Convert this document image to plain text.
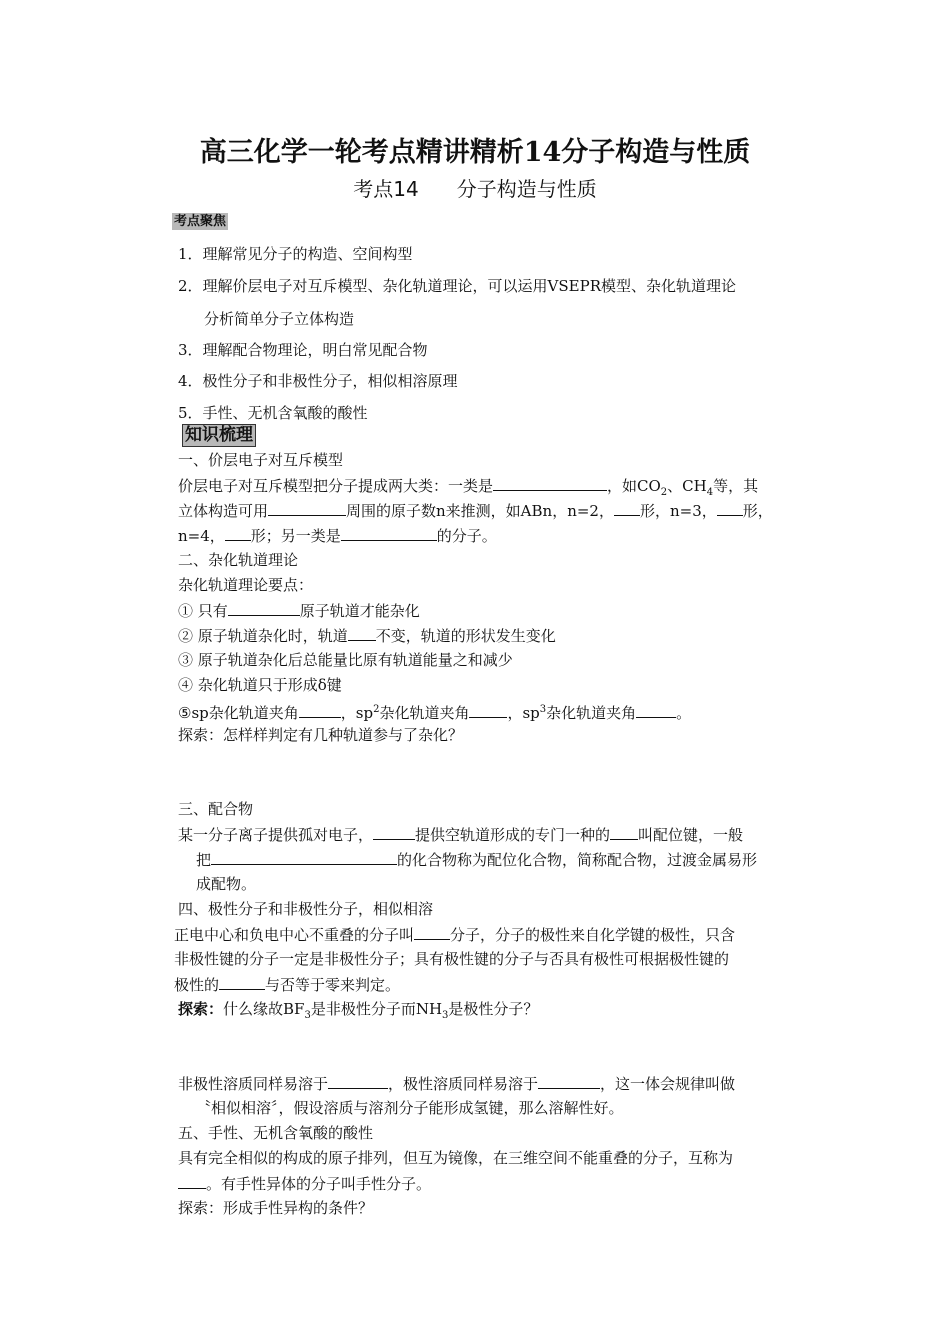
高三化学一轮考点精讲精析14分子构造与性质
考点14 分子构造与性质
考点聚焦
1．理解常见分子的构造、空间构型
2．理解价层电子对互斥模型、杂化轨道理论，可以运用VSEPR模型、杂化轨道理论
分析简单分子立体构造
3．理解配合物理论，明白常见配合物
4．极性分子和非极性分子，相似相溶原理
5．手性、无机含氧酸的酸性
知识梳理
一、价层电子对互斥模型
价层电子对互斥模型把分子提成两大类：一类是	，如$CO_2$、$CH_4$等，其
立体构造可用	周围的原子数n来推测，如ABn，n=2， 形，n=3， 形，
n=4， 形；另一类是	的分子。
二、杂化轨道理论
杂化轨道理论要点：
① 只有	原子轨道才能杂化
② 原子轨道杂化时，轨道 不变，轨道的形状发生变化
③ 原子轨道杂化后总能量比原有轨道能量之和减少
④ 杂化轨道只于形成δ键
⑤sp杂化轨道夹角	，$sp^2$杂化轨道夹角	，$sp^3$杂化轨道夹角	。
探索：怎样样判定有几种轨道参与了杂化？
三、配合物
某一分子离子提供孤对电子，	提供空轨道形成的专门一种的 叫配位键，一般
把	的化合物称为配位化合物，简称配合物，过渡金属易形
成配物。
四、极性分子和非极性分子，相似相溶
正电中心和负电中心不重叠的分子叫 分子，分子的极性来自化学键的极性，只含
非极性键的分子一定是非极性分子；具有极性键的分子与否具有极性可根据极性键的
极性的	与否等于零来判定。
探索：什么缘故$BF_3$是非极性分子而$NH_3$是极性分子？
非极性溶质同样易溶于	，极性溶质同样易溶于	，这一体会规律叫做
〝相似相溶〞，假设溶质与溶剂分子能形成氢键，那么溶解性好。
五、手性、无机含氧酸的酸性
具有完全相似的构成的原子排列，但互为镜像，在三维空间不能重叠的分子，互称为
。有手性异体的分子叫手性分子。
探索：形成手性异构的条件？
